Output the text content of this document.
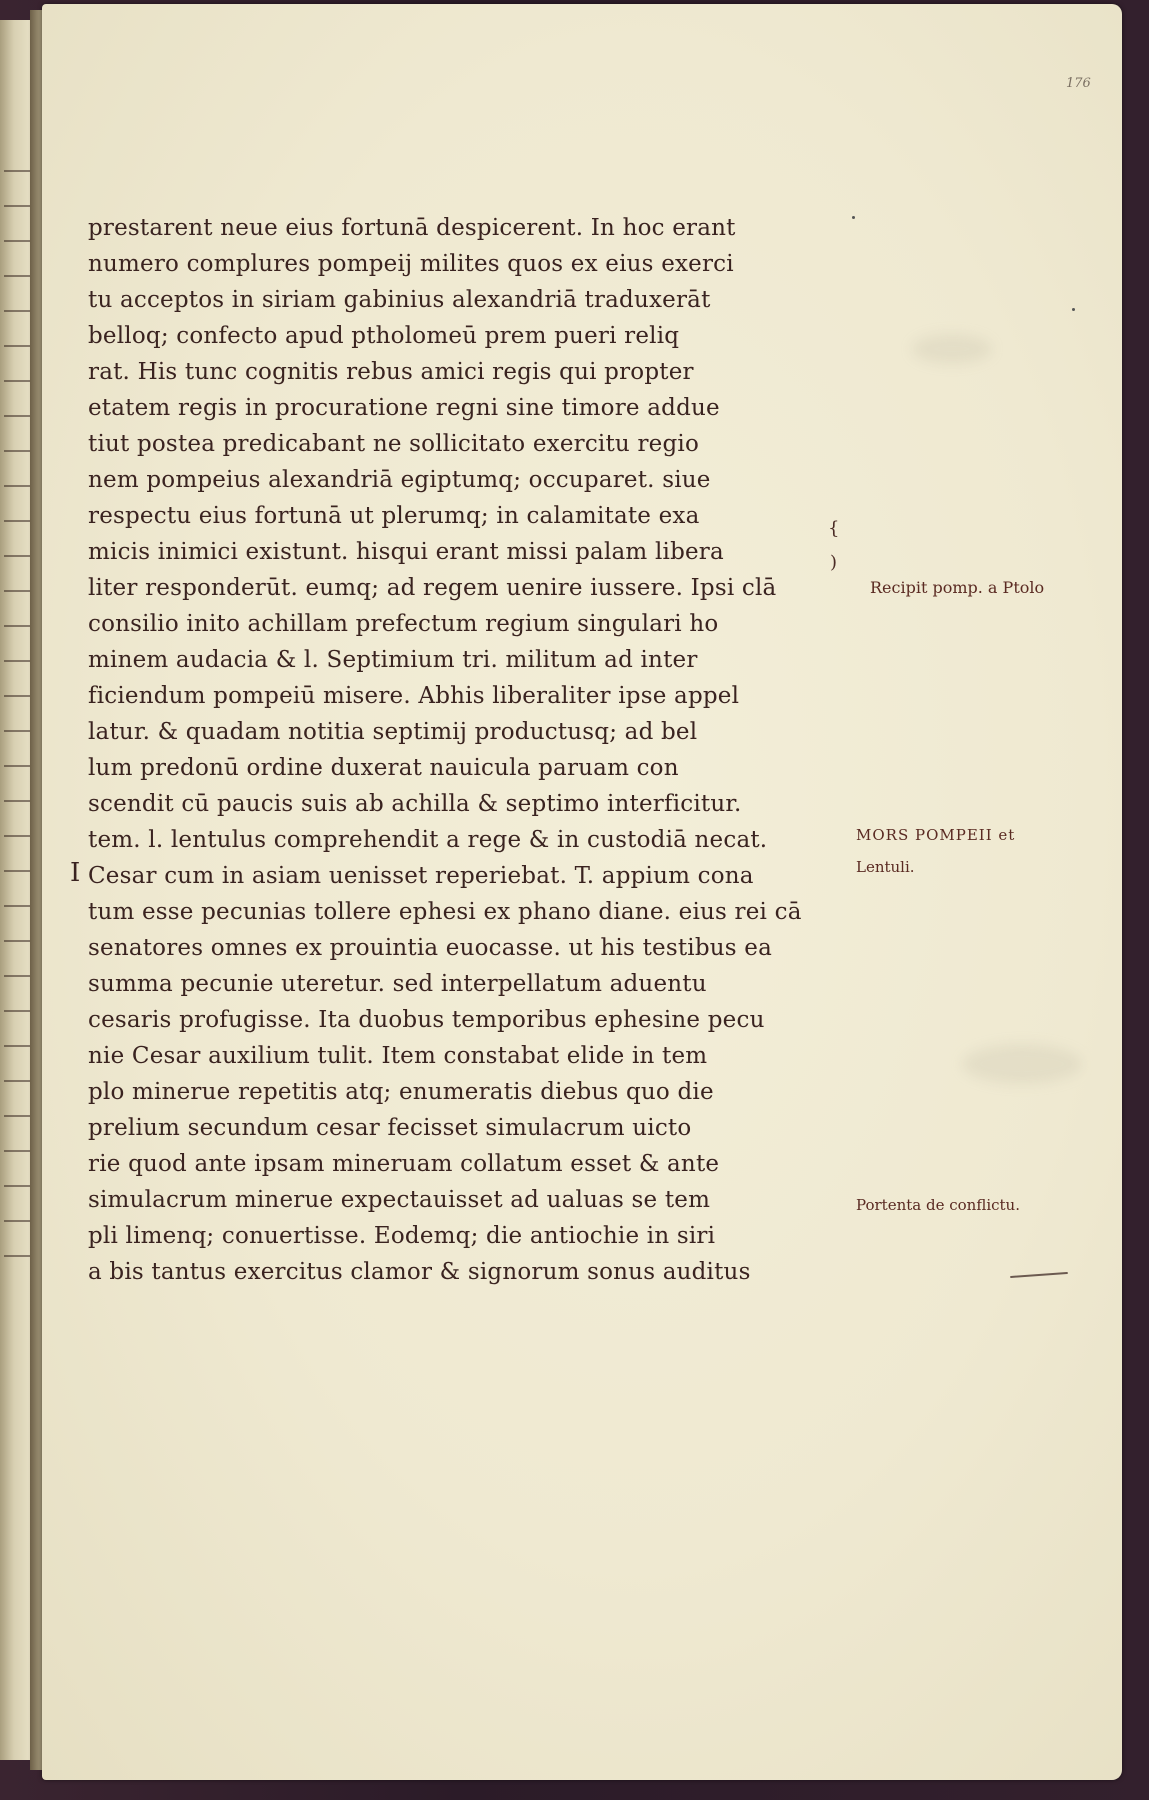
176
I
prestarent neue eius fortunā despicerent. In hoc erant
numero complures pompeij milites quos ex eius exerci
tu acceptos in siriam gabinius alexandriā traduxerāt
belloq; confecto apud ptholomeū prem pueri reliq
rat. His tunc cognitis rebus amici regis qui propter
etatem regis in procuratione regni sine timore addue
tiut postea predicabant ne sollicitato exercitu regio
nem pompeius alexandriā egiptumq; occuparet. siue
respectu eius fortunā ut plerumq; in calamitate exa
micis inimici existunt. hisqui erant missi palam libera
liter responderūt. eumq; ad regem uenire iussere. Ipsi clā
consilio inito achillam prefectum regium singulari ho
minem audacia & l. Septimium tri. militum ad inter
ficiendum pompeiū misere. Abhis liberaliter ipse appel
latur. & quadam notitia septimij productusq; ad bel
lum predonū ordine duxerat nauicula paruam con
scendit cū paucis suis ab achilla & septimo interficitur.
tem. l. lentulus comprehendit a rege & in custodiā necat.
Cesar cum in asiam uenisset reperiebat. T. appium cona
tum esse pecunias tollere ephesi ex phano diane. eius rei cā
senatores omnes ex prouintia euocasse. ut his testibus ea
summa pecunie uteretur. sed interpellatum aduentu
cesaris profugisse. Ita duobus temporibus ephesine pecu
nie Cesar auxilium tulit. Item constabat elide in tem
plo minerue repetitis atq; enumeratis diebus quo die
prelium secundum cesar fecisset simulacrum uicto
rie quod ante ipsam mineruam collatum esset & ante
simulacrum minerue expectauisset ad ualuas se tem
pli limenq; conuertisse. Eodemq; die antiochie in siri
a bis tantus exercitus clamor & signorum sonus auditus
{
)
Recipit pomp. a Ptolo
MORS POMPEII et
Lentuli.
Portenta de conflictu.
